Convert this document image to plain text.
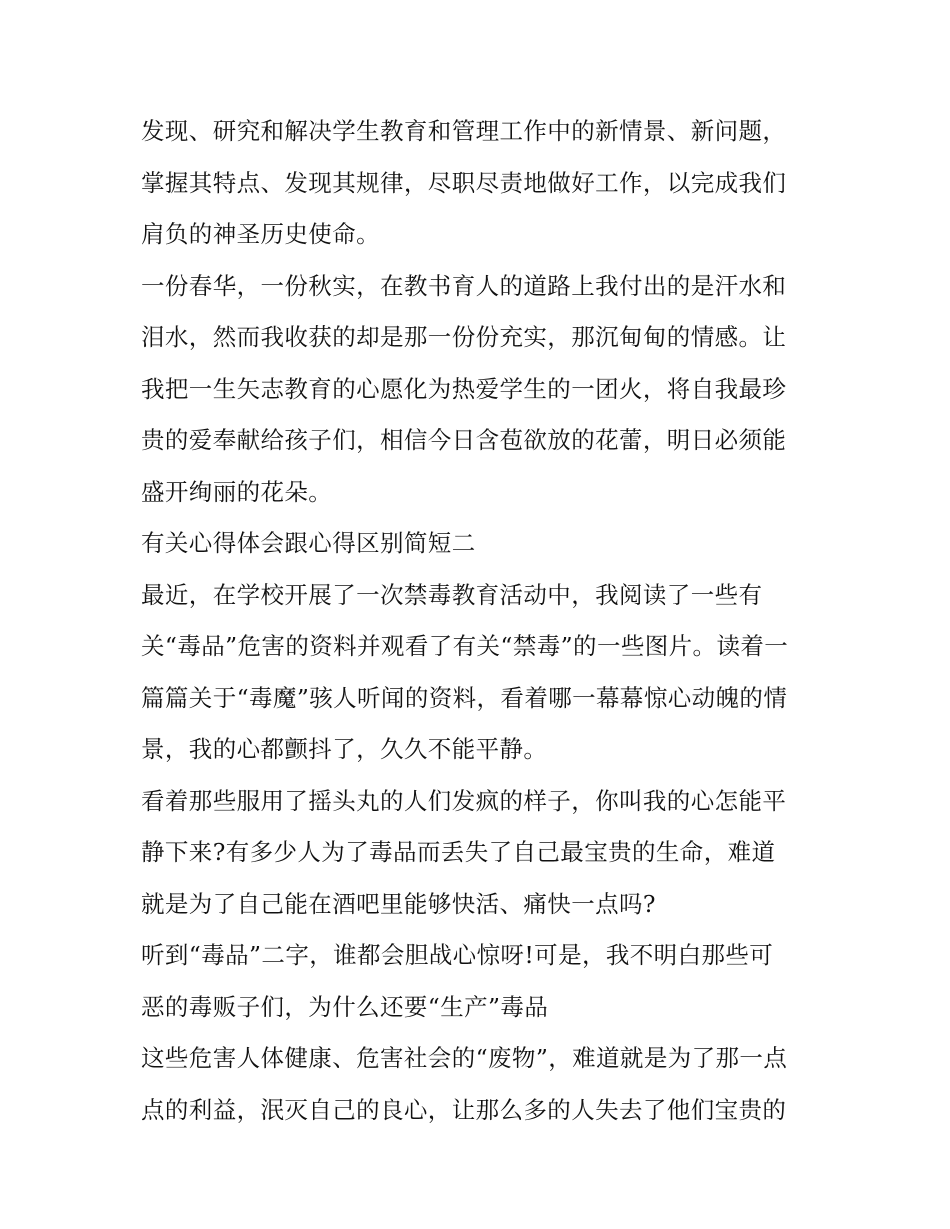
发现、研究和解决学生教育和管理工作中的新情景、新问题，
掌握其特点、发现其规律，尽职尽责地做好工作，以完成我们
肩负的神圣历史使命。
一份春华，一份秋实，在教书育人的道路上我付出的是汗水和
泪水，然而我收获的却是那一份份充实，那沉甸甸的情感。让
我把一生矢志教育的心愿化为热爱学生的一团火，将自我最珍
贵的爱奉献给孩子们，相信今日含苞欲放的花蕾，明日必须能
盛开绚丽的花朵。
有关心得体会跟心得区别简短二
最近，在学校开展了一次禁毒教育活动中，我阅读了一些有
关“毒品”危害的资料并观看了有关“禁毒”的一些图片。读着一
篇篇关于“毒魔”骇人听闻的资料，看着哪一幕幕惊心动魄的情
景，我的心都颤抖了，久久不能平静。
看着那些服用了摇头丸的人们发疯的样子，你叫我的心怎能平
静下来?有多少人为了毒品而丢失了自己最宝贵的生命，难道
就是为了自己能在酒吧里能够快活、痛快一点吗?
听到“毒品”二字，谁都会胆战心惊呀!可是，我不明白那些可
恶的毒贩子们，为什么还要“生产”毒品
这些危害人体健康、危害社会的“废物”，难道就是为了那一点
点的利益，泯灭自己的良心，让那么多的人失去了他们宝贵的
